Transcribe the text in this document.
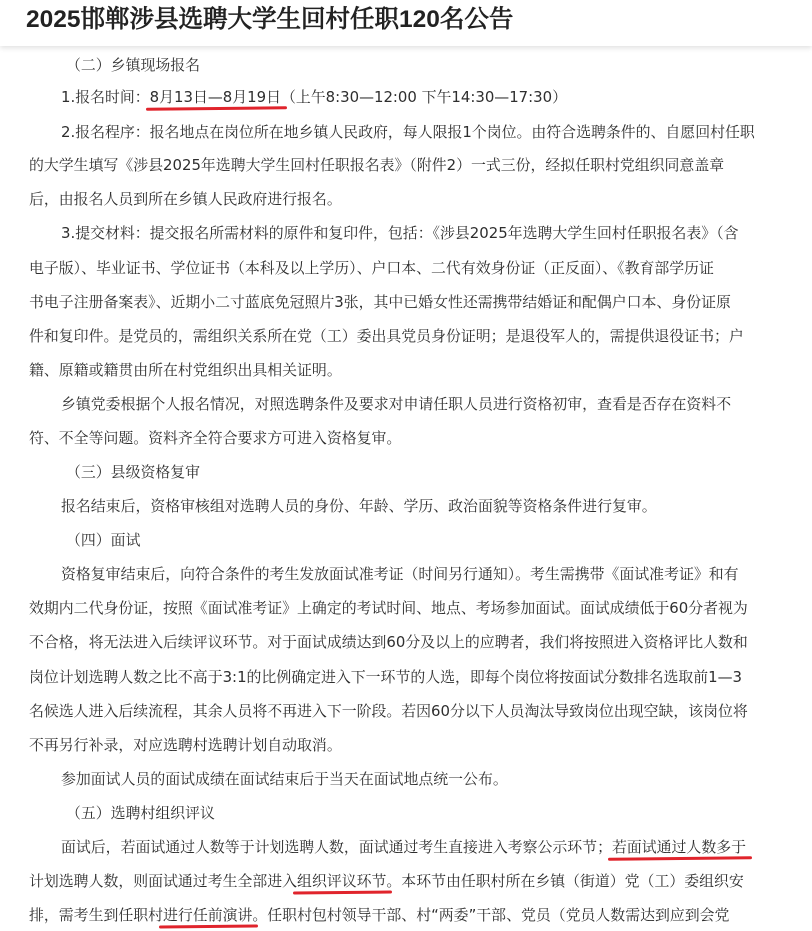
2025邯郸涉县选聘大学生回村任职120名公告
（二）乡镇现场报名
1.报名时间：8月13日—8月19日（上午8:30—12:00 下午14:30—17:30）
2.报名程序：报名地点在岗位所在地乡镇人民政府，每人限报1个岗位。由符合选聘条件的、自愿回村任职
的大学生填写《涉县2025年选聘大学生回村任职报名表》（附件2）一式三份，经拟任职村党组织同意盖章
后，由报名人员到所在乡镇人民政府进行报名。
3.提交材料：提交报名所需材料的原件和复印件，包括：《涉县2025年选聘大学生回村任职报名表》（含
电子版）、毕业证书、学位证书（本科及以上学历）、户口本、二代有效身份证（正反面）、《教育部学历证
书电子注册备案表》、近期小二寸蓝底免冠照片3张，其中已婚女性还需携带结婚证和配偶户口本、身份证原
件和复印件。是党员的，需组织关系所在党（工）委出具党员身份证明；是退役军人的，需提供退役证书；户
籍、原籍或籍贯由所在村党组织出具相关证明。
乡镇党委根据个人报名情况，对照选聘条件及要求对申请任职人员进行资格初审，查看是否存在资料不
符、不全等问题。资料齐全符合要求方可进入资格复审。
（三）县级资格复审
报名结束后，资格审核组对选聘人员的身份、年龄、学历、政治面貌等资格条件进行复审。
（四）面试
资格复审结束后，向符合条件的考生发放面试准考证（时间另行通知）。考生需携带《面试准考证》和有
效期内二代身份证，按照《面试准考证》上确定的考试时间、地点、考场参加面试。面试成绩低于60分者视为
不合格，将无法进入后续评议环节。对于面试成绩达到60分及以上的应聘者，我们将按照进入资格评比人数和
岗位计划选聘人数之比不高于3:1的比例确定进入下一环节的人选，即每个岗位将按面试分数排名选取前1—3
名候选人进入后续流程，其余人员将不再进入下一阶段。若因60分以下人员淘汰导致岗位出现空缺，该岗位将
不再另行补录，对应选聘村选聘计划自动取消。
参加面试人员的面试成绩在面试结束后于当天在面试地点统一公布。
（五）选聘村组织评议
面试后，若面试通过人数等于计划选聘人数，面试通过考生直接进入考察公示环节；若面试通过人数多于
计划选聘人数，则面试通过考生全部进入组织评议环节。本环节由任职村所在乡镇（街道）党（工）委组织安
排，需考生到任职村进行任前演讲。任职村包村领导干部、村“两委”干部、党员（党员人数需达到应到会党
